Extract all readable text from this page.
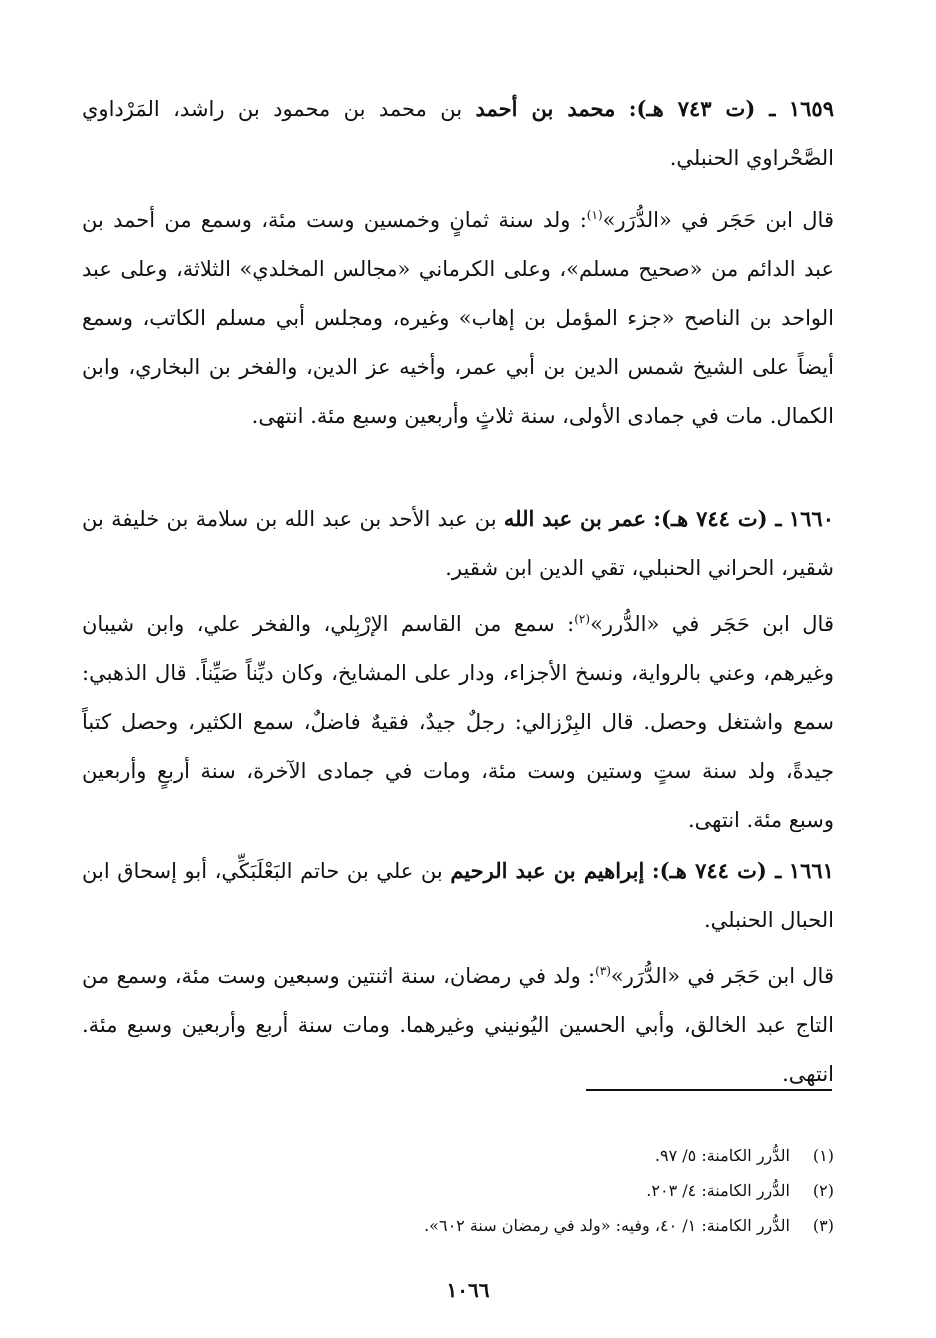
١٦٥٩ ـ (ت ٧٤٣ هـ): محمد بن أحمد بن محمد بن محمود بن راشد، المَرْداوي الصَّحْراوي الحنبلي.

قال ابن حَجَر في «الدُّرَر»$^{(١)}$: ولد سنة ثمانٍ وخمسين وست مئة، وسمع من أحمد بن عبد الدائم من «صحيح مسلم»، وعلى الكرماني «مجالس المخلدي» الثلاثة، وعلى عبد الواحد بن الناصح «جزء المؤمل بن إهاب» وغيره، ومجلس أبي مسلم الكاتب، وسمع أيضاً على الشيخ شمس الدين بن أبي عمر، وأخيه عز الدين، والفخر بن البخاري، وابن الكمال. مات في جمادى الأولى، سنة ثلاثٍ وأربعين وسبع مئة. انتهى.

١٦٦٠ ـ (ت ٧٤٤ هـ): عمر بن عبد الله بن عبد الأحد بن عبد الله بن سلامة بن خليفة بن شقير، الحراني الحنبلي، تقي الدين ابن شقير.

قال ابن حَجَر في «الدُّرر»$^{(٢)}$: سمع من القاسم الإرْبِلي، والفخر علي، وابن شيبان وغيرهم، وعني بالرواية، ونسخ الأجزاء، ودار على المشايخ، وكان ديِّناً صَيِّناً. قال الذهبي: سمع واشتغل وحصل. قال البِرْزالي: رجلٌ جيدٌ، فقيهٌ فاضلٌ، سمع الكثير، وحصل كتباً جيدةً، ولد سنة ستٍ وستين وست مئة، ومات في جمادى الآخرة، سنة أربعٍ وأربعين وسبع مئة. انتهى.

١٦٦١ ـ (ت ٧٤٤ هـ): إبراهيم بن عبد الرحيم بن علي بن حاتم البَعْلَبَكِّي، أبو إسحاق ابن الحبال الحنبلي.

قال ابن حَجَر في «الدُّرَر»$^{(٣)}$: ولد في رمضان، سنة اثنتين وسبعين وست مئة، وسمع من التاج عبد الخالق، وأبي الحسين اليُونيني وغيرهما. ومات سنة أربع وأربعين وسبع مئة. انتهى.

(١)
الدُّرر الكامنة: ٥/ ٩٧.
(٢)
الدُّرر الكامنة: ٤/ ٢٠٣.
(٣)
الدُّرر الكامنة: ١/ ٤٠، وفيه: «ولد في رمضان سنة ٦٠٢».
١٠٦٦
